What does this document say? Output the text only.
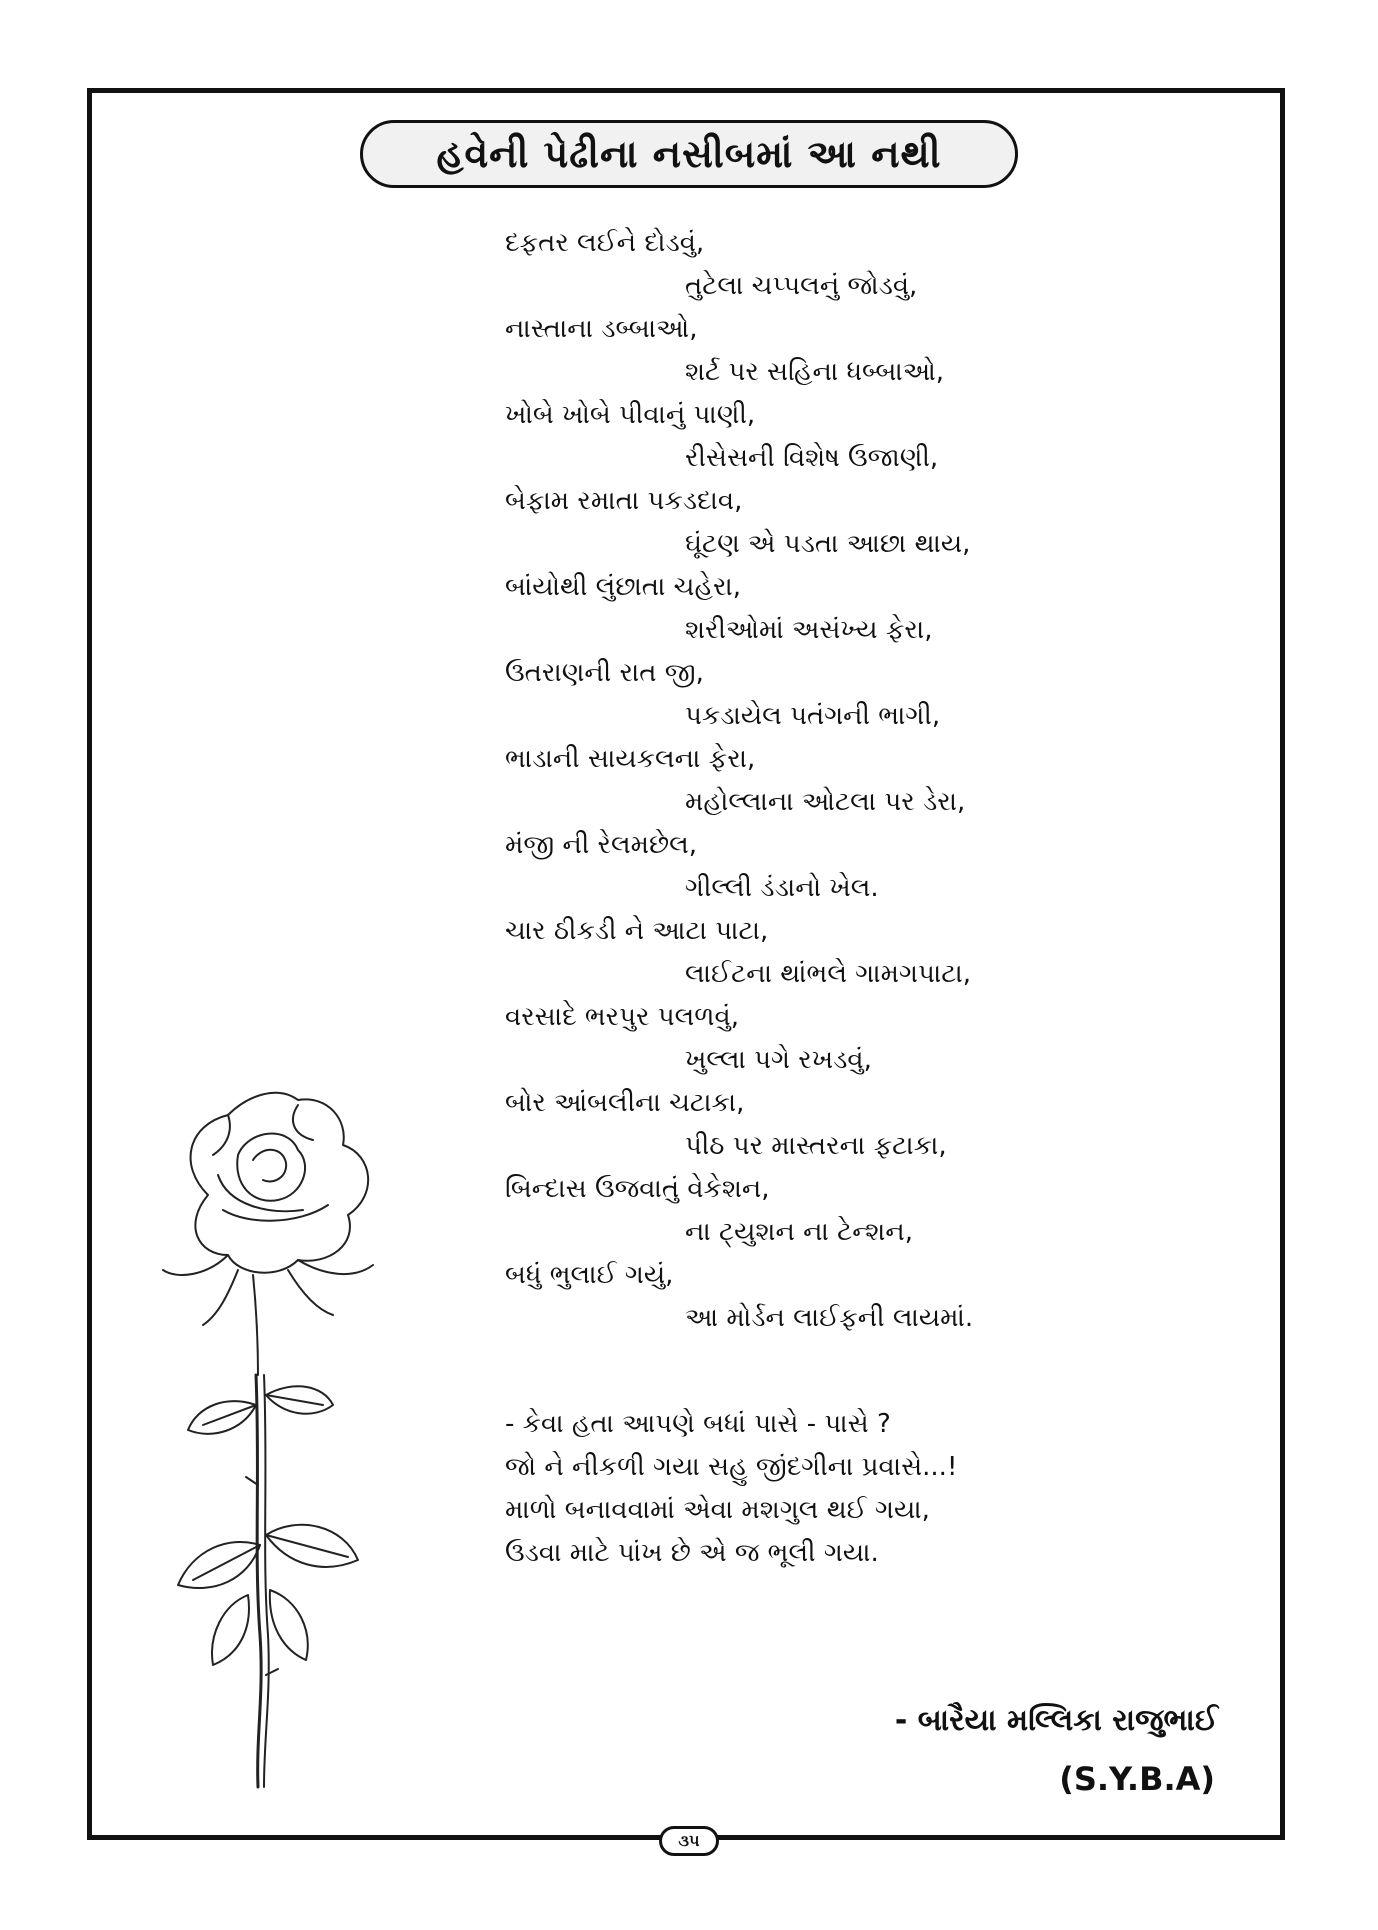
હવેની પેઢીના નસીબમાં આ નથી
દફતર લઈને દોડવું,
તુટેલા ચપ્પલનું જોડવું,
નાસ્તાના ડબ્બાઓ,
શર્ટ પર સહિના ધબ્બાઓ,
ખોબે ખોબે પીવાનું પાણી,
રીસેસની વિશેષ ઉજાણી,
બેફામ રમાતા પકડદાવ,
ઘૂંટણ એ પડતા આછા થાય,
બાંયોથી લુંછાતા ચહેરા,
શરીઓમાં અસંખ્ય ફેરા,
ઉતરાણની રાત જી,
પકડાયેલ પતંગની ભાગી,
ભાડાની સાયકલના ફેરા,
મહોલ્લાના ઓટલા પર ડેરા,
મંજી ની રેલમછેલ,
ગીલ્લી ડંડાનો ખેલ.
ચાર ઠીકડી ને આટા પાટા,
લાઈટના થાંભલે ગામગપાટા,
વરસાદે ભરપુર પલળવું,
ખુલ્લા પગે રખડવું,
બોર આંબલીના ચટાકા,
પીઠ પર માસ્તરના ફટાકા,
બિન્દાસ ઉજવાતું વેકેશન,
ના ટ્યુશન ના ટેન્શન,
બધું ભુલાઈ ગયું,
આ મોર્ડન લાઈફની લાયમાં.
- કેવા હતા આપણે બધાં પાસે - પાસે ?
જો ને નીકળી ગયા સહુ જીંદગીના પ્રવાસે...!
માળો બનાવવામાં એવા મશગુલ થઈ ગયા,
ઉડવા માટે પાંખ છે એ જ ભૂલી ગયા.
- બારૈયા મલ્લિકા રાજુભાઈ
(S.Y.B.A)
૩૫
